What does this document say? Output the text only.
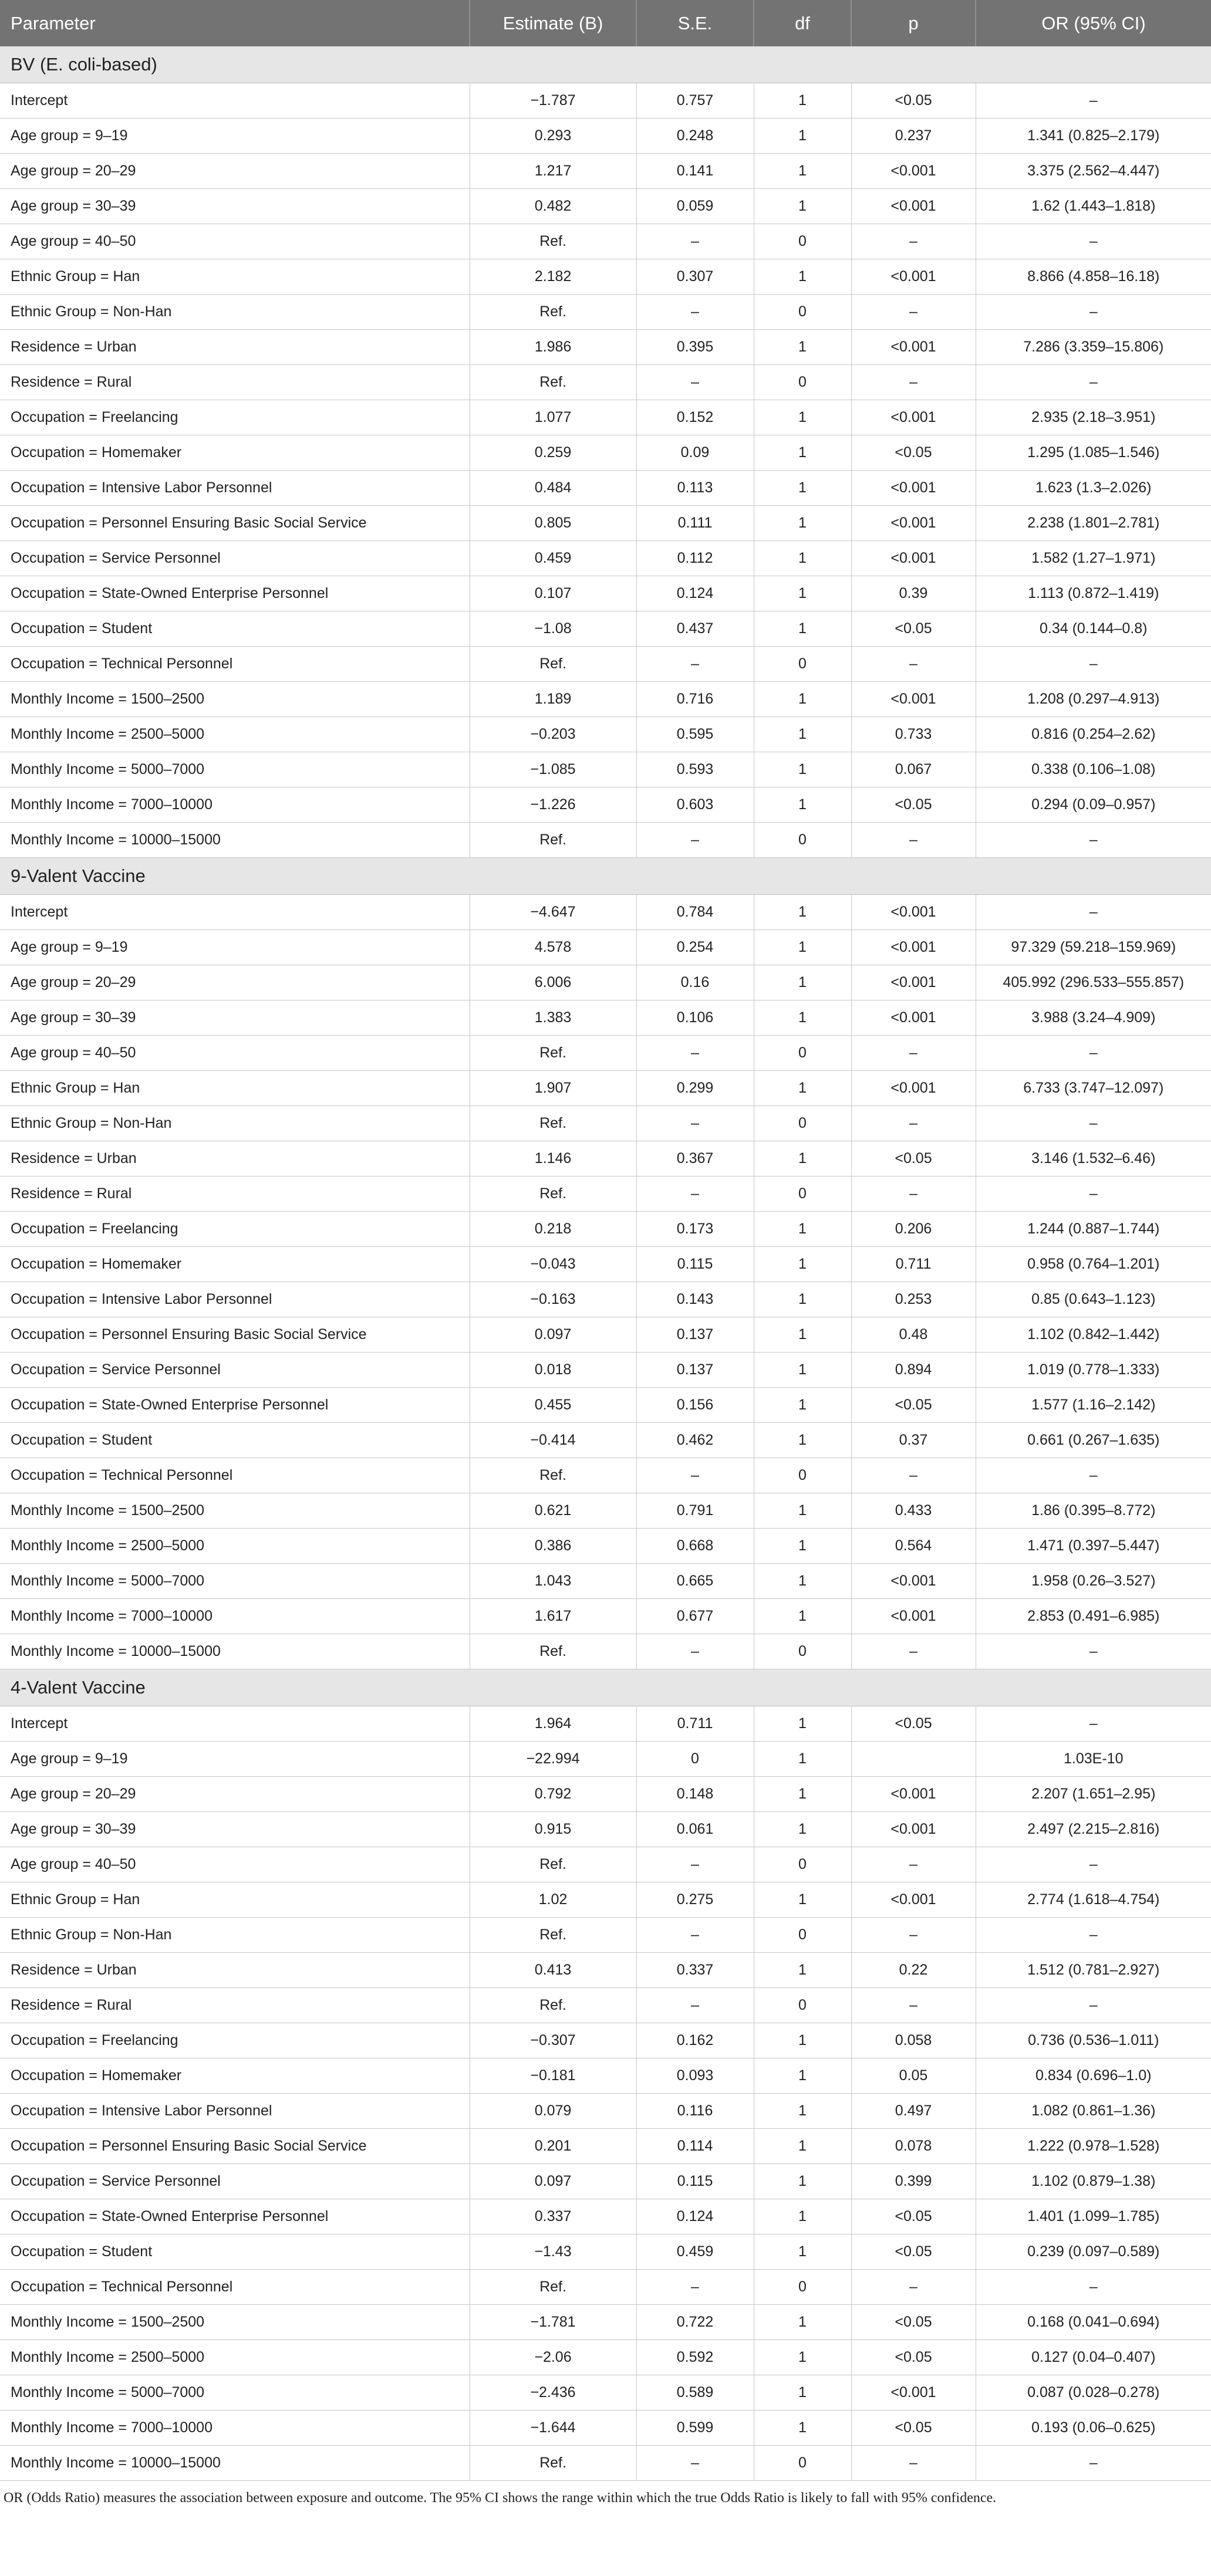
Parameter	Estimate (B)	S.E.	df	p	OR (95% CI)
BV (E. coli-based)					
Intercept	−1.787	0.757	1	<0.05	–
Age group = 9–19	0.293	0.248	1	0.237	1.341 (0.825–2.179)
Age group = 20–29	1.217	0.141	1	<0.001	3.375 (2.562–4.447)
Age group = 30–39	0.482	0.059	1	<0.001	1.62 (1.443–1.818)
Age group = 40–50	Ref.	–	0	–	–
Ethnic Group = Han	2.182	0.307	1	<0.001	8.866 (4.858–16.18)
Ethnic Group = Non-Han	Ref.	–	0	–	–
Residence = Urban	1.986	0.395	1	<0.001	7.286 (3.359–15.806)
Residence = Rural	Ref.	–	0	–	–
Occupation = Freelancing	1.077	0.152	1	<0.001	2.935 (2.18–3.951)
Occupation = Homemaker	0.259	0.09	1	<0.05	1.295 (1.085–1.546)
Occupation = Intensive Labor Personnel	0.484	0.113	1	<0.001	1.623 (1.3–2.026)
Occupation = Personnel Ensuring Basic Social Service	0.805	0.111	1	<0.001	2.238 (1.801–2.781)
Occupation = Service Personnel	0.459	0.112	1	<0.001	1.582 (1.27–1.971)
Occupation = State-Owned Enterprise Personnel	0.107	0.124	1	0.39	1.113 (0.872–1.419)
Occupation = Student	−1.08	0.437	1	<0.05	0.34 (0.144–0.8)
Occupation = Technical Personnel	Ref.	–	0	–	–
Monthly Income = 1500–2500	1.189	0.716	1	<0.001	1.208 (0.297–4.913)
Monthly Income = 2500–5000	−0.203	0.595	1	0.733	0.816 (0.254–2.62)
Monthly Income = 5000–7000	−1.085	0.593	1	0.067	0.338 (0.106–1.08)
Monthly Income = 7000–10000	−1.226	0.603	1	<0.05	0.294 (0.09–0.957)
Monthly Income = 10000–15000	Ref.	–	0	–	–
9-Valent Vaccine					
Intercept	−4.647	0.784	1	<0.001	–
Age group = 9–19	4.578	0.254	1	<0.001	97.329 (59.218–159.969)
Age group = 20–29	6.006	0.16	1	<0.001	405.992 (296.533–555.857)
Age group = 30–39	1.383	0.106	1	<0.001	3.988 (3.24–4.909)
Age group = 40–50	Ref.	–	0	–	–
Ethnic Group = Han	1.907	0.299	1	<0.001	6.733 (3.747–12.097)
Ethnic Group = Non-Han	Ref.	–	0	–	–
Residence = Urban	1.146	0.367	1	<0.05	3.146 (1.532–6.46)
Residence = Rural	Ref.	–	0	–	–
Occupation = Freelancing	0.218	0.173	1	0.206	1.244 (0.887–1.744)
Occupation = Homemaker	−0.043	0.115	1	0.711	0.958 (0.764–1.201)
Occupation = Intensive Labor Personnel	−0.163	0.143	1	0.253	0.85 (0.643–1.123)
Occupation = Personnel Ensuring Basic Social Service	0.097	0.137	1	0.48	1.102 (0.842–1.442)
Occupation = Service Personnel	0.018	0.137	1	0.894	1.019 (0.778–1.333)
Occupation = State-Owned Enterprise Personnel	0.455	0.156	1	<0.05	1.577 (1.16–2.142)
Occupation = Student	−0.414	0.462	1	0.37	0.661 (0.267–1.635)
Occupation = Technical Personnel	Ref.	–	0	–	–
Monthly Income = 1500–2500	0.621	0.791	1	0.433	1.86 (0.395–8.772)
Monthly Income = 2500–5000	0.386	0.668	1	0.564	1.471 (0.397–5.447)
Monthly Income = 5000–7000	1.043	0.665	1	<0.001	1.958 (0.26–3.527)
Monthly Income = 7000–10000	1.617	0.677	1	<0.001	2.853 (0.491–6.985)
Monthly Income = 10000–15000	Ref.	–	0	–	–
4-Valent Vaccine					
Intercept	1.964	0.711	1	<0.05	–
Age group = 9–19	−22.994	0	1		1.03E-10
Age group = 20–29	0.792	0.148	1	<0.001	2.207 (1.651–2.95)
Age group = 30–39	0.915	0.061	1	<0.001	2.497 (2.215–2.816)
Age group = 40–50	Ref.	–	0	–	–
Ethnic Group = Han	1.02	0.275	1	<0.001	2.774 (1.618–4.754)
Ethnic Group = Non-Han	Ref.	–	0	–	–
Residence = Urban	0.413	0.337	1	0.22	1.512 (0.781–2.927)
Residence = Rural	Ref.	–	0	–	–
Occupation = Freelancing	−0.307	0.162	1	0.058	0.736 (0.536–1.011)
Occupation = Homemaker	−0.181	0.093	1	0.05	0.834 (0.696–1.0)
Occupation = Intensive Labor Personnel	0.079	0.116	1	0.497	1.082 (0.861–1.36)
Occupation = Personnel Ensuring Basic Social Service	0.201	0.114	1	0.078	1.222 (0.978–1.528)
Occupation = Service Personnel	0.097	0.115	1	0.399	1.102 (0.879–1.38)
Occupation = State-Owned Enterprise Personnel	0.337	0.124	1	<0.05	1.401 (1.099–1.785)
Occupation = Student	−1.43	0.459	1	<0.05	0.239 (0.097–0.589)
Occupation = Technical Personnel	Ref.	–	0	–	–
Monthly Income = 1500–2500	−1.781	0.722	1	<0.05	0.168 (0.041–0.694)
Monthly Income = 2500–5000	−2.06	0.592	1	<0.05	0.127 (0.04–0.407)
Monthly Income = 5000–7000	−2.436	0.589	1	<0.001	0.087 (0.028–0.278)
Monthly Income = 7000–10000	−1.644	0.599	1	<0.05	0.193 (0.06–0.625)
Monthly Income = 10000–15000	Ref.	–	0	–	–
OR (Odds Ratio) measures the association between exposure and outcome. The 95% CI shows the range within which the true Odds Ratio is likely to fall with 95% confidence.
